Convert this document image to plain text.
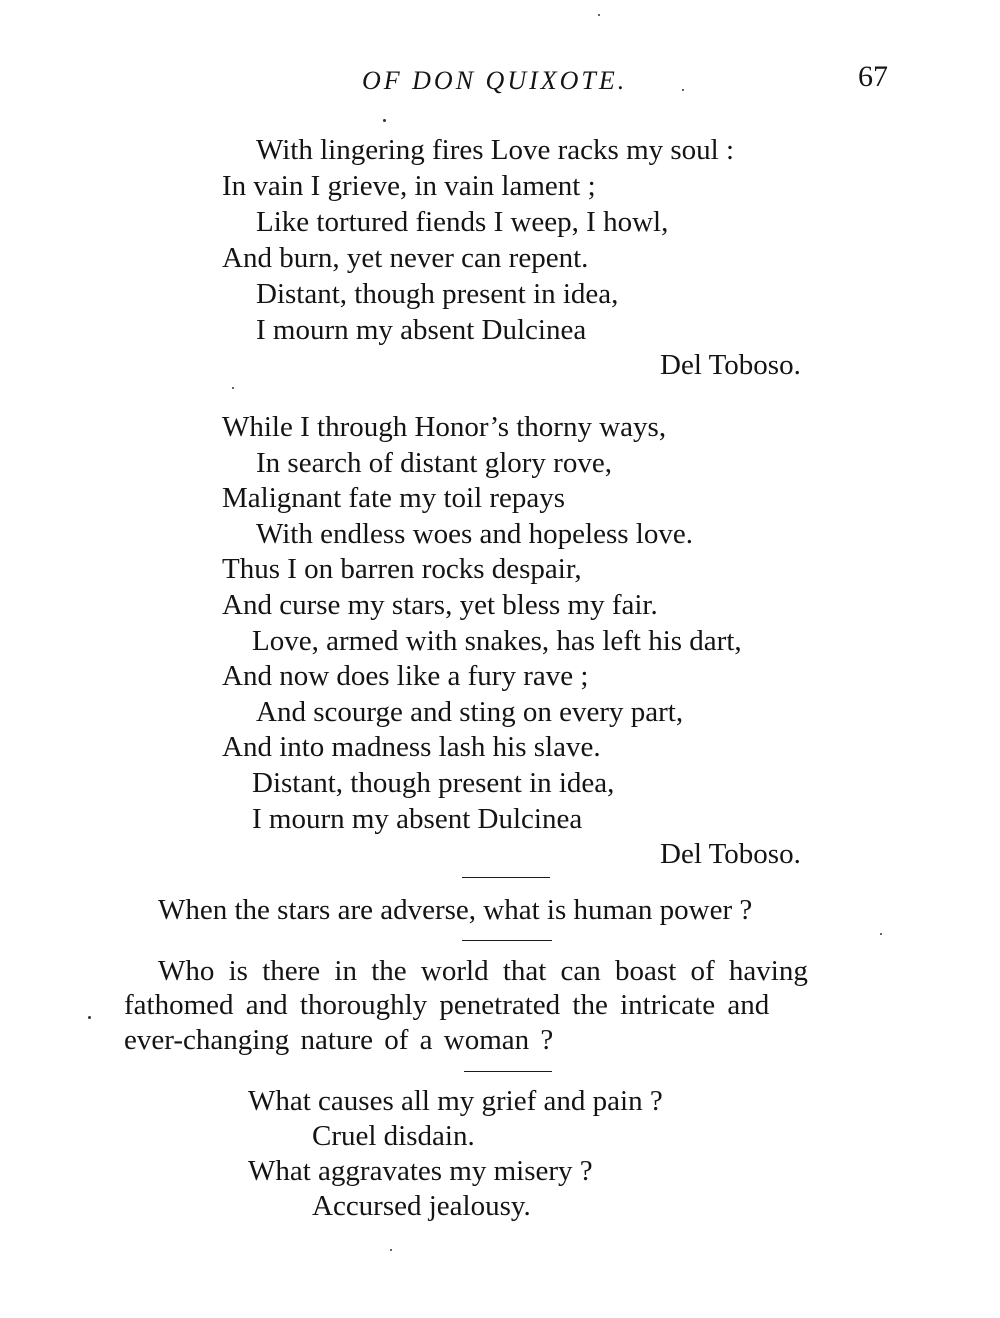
OF DON QUIXOTE.	67
With lingering fires Love racks my soul :
In vain I grieve, in vain lament ;
Like tortured fiends I weep, I howl,
And burn, yet never can repent.
Distant, though present in idea,
I mourn my absent Dulcinea
Del Toboso.
While I through Honor’s thorny ways,
In search of distant glory rove,
Malignant fate my toil repays
With endless woes and hopeless love.
Thus I on barren rocks despair,
And curse my stars, yet bless my fair.
Love, armed with snakes, has left his dart,
And now does like a fury rave ;
And scourge and sting on every part,
And into madness lash his slave.
Distant, though present in idea,
I mourn my absent Dulcinea
Del Toboso.
When the stars are adverse, what is human power ?
Who is there in the world that can boast of having
fathomed and thoroughly penetrated the intricate and
ever-changing nature of a woman ?
What causes all my grief and pain ?
Cruel disdain.
What aggravates my misery ?
Accursed jealousy.
